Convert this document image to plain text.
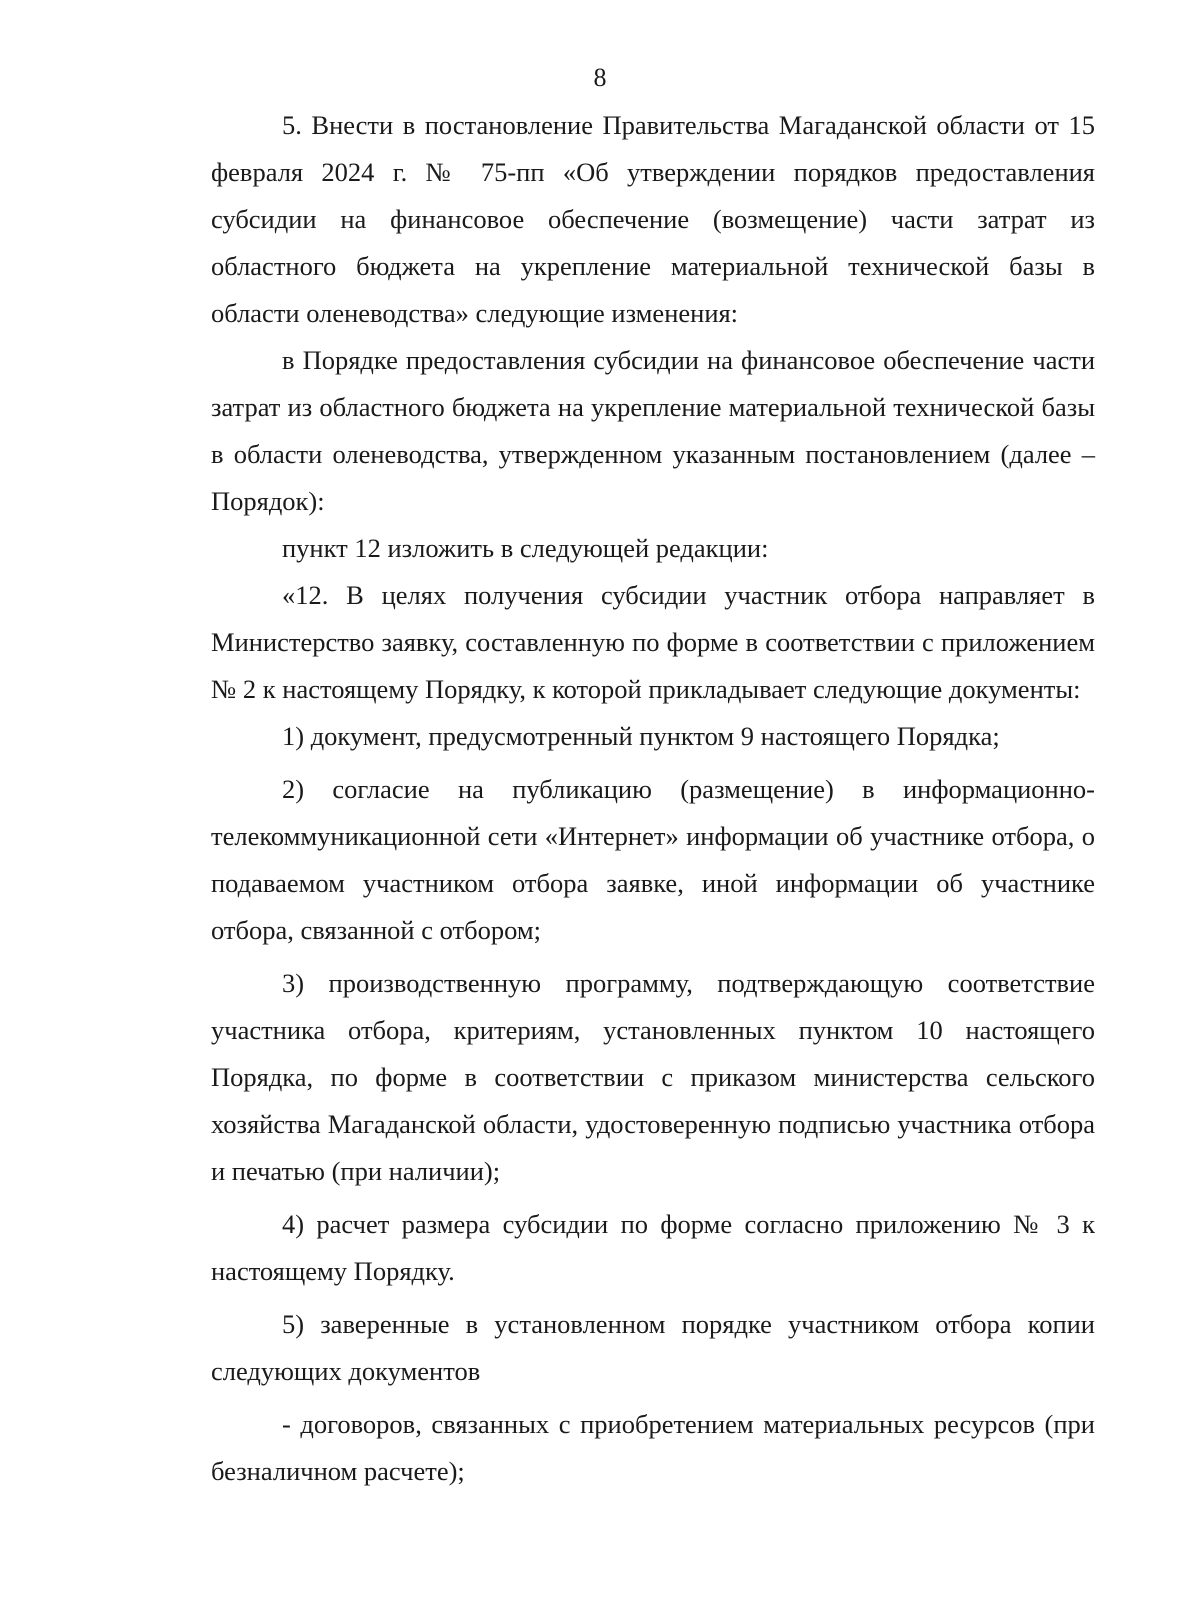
8

5. Внести в постановление Правительства Магаданской области от 15 февраля 2024 г. № 75-пп «Об утверждении порядков предоставления субсидии на финансовое обеспечение (возмещение) части затрат из областного бюджета на укрепление материальной технической базы в области оленеводства» следующие изменения:

в Порядке предоставления субсидии на финансовое обеспечение части затрат из областного бюджета на укрепление материальной технической базы в области оленеводства, утвержденном указанным постановлением (далее – Порядок):

пункт 12 изложить в следующей редакции:

«12. В целях получения субсидии участник отбора направляет в Министерство заявку, составленную по форме в соответствии с приложением № 2 к настоящему Порядку, к которой прикладывает следующие документы:

1) документ, предусмотренный пунктом 9 настоящего Порядка;

2) согласие на публикацию (размещение) в информационно-телекоммуникационной сети «Интернет» информации об участнике отбора, о подаваемом участником отбора заявке, иной информации об участнике отбора, связанной с отбором;

3) производственную программу, подтверждающую соответствие участника отбора, критериям, установленных пунктом 10 настоящего Порядка, по форме в соответствии с приказом министерства сельского хозяйства Магаданской области, удостоверенную подписью участника отбора и печатью (при наличии);

4) расчет размера субсидии по форме согласно приложению № 3 к настоящему Порядку.

5) заверенные в установленном порядке участником отбора копии следующих документов

- договоров, связанных с приобретением материальных ресурсов (при безналичном расчете);
